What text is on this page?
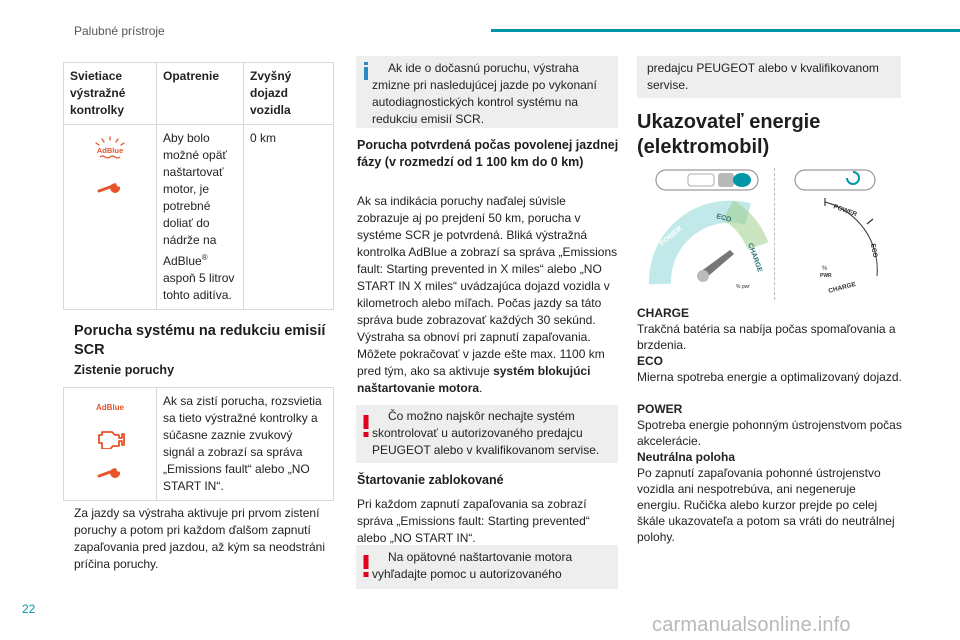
Palubné prístroje
Svietiace výstražné kontrolky	Opatrenie	Zvyšný dojazd vozidla

AdBlue	Aby bolo možné opäť naštartovať motor, je potrebné doliať do nádrže na AdBlue® aspoň 5 litrov tohto aditíva.	0 km
Porucha systému na redukciu emisií SCR
Zistenie poruchy
AdBlue	Ak sa zistí porucha, rozsvietia sa tieto výstražné kontrolky a súčasne zaznie zvukový signál a zobrazí sa správa „Emissions fault“ alebo „NO START IN“.
Za jazdy sa výstraha aktivuje pri prvom zistení poruchy a potom pri každom ďalšom zapnutí zapaľovania pred jazdou, až kým sa neodstráni príčina poruchy.
Ak ide o dočasnú poruchu, výstraha zmizne pri nasledujúcej jazde po vykonaní autodiagnostických kontrol systému na redukciu emisií SCR.
Porucha potvrdená počas povolenej jazdnej fázy (v rozmedzí od 1 100 km do 0 km)
Ak sa indikácia poruchy naďalej súvisle zobrazuje aj po prejdení 50 km, porucha v systéme SCR je potvrdená. Bliká výstražná kontrolka AdBlue a zobrazí sa správa „Emissions fault: Starting prevented in X miles“ alebo „NO START IN X miles“ uvádzajúca dojazd vozidla v kilometroch alebo míľach. Počas jazdy sa táto správa bude zobrazovať každých 30 sekúnd. Výstraha sa obnoví pri zapnutí zapaľovania. Môžete pokračovať v jazde ešte max. 1100 km pred tým, ako sa aktivuje systém blokujúci naštartovanie motora.
Čo možno najskôr nechajte systém skontrolovať u autorizovaného predajcu PEUGEOT alebo v kvalifikovanom servise.
Štartovanie zablokované
Pri každom zapnutí zapaľovania sa zobrazí správa „Emissions fault: Starting prevented“ alebo „NO START IN“.
Na opätovné naštartovanie motora vyhľadajte pomoc u autorizovaného
predajcu PEUGEOT alebo v kvalifikovanom servise.
Ukazovateľ energie (elektromobil)
POWER
ECO
CHARGE
% pwr
POWER
ECO
CHARGE
%
PWR
CHARGE
Trakčná batéria sa nabíja počas spomaľovania a brzdenia.
ECO
Mierna spotreba energie a optimalizovaný dojazd.
POWER
Spotreba energie pohonným ústrojenstvom počas akcelerácie.
Neutrálna poloha
Po zapnutí zapaľovania pohonné ústrojenstvo vozidla ani nespotrebúva, ani negeneruje energiu. Ručička alebo kurzor prejde po celej škále ukazovateľa a potom sa vráti do neutrálnej polohy.
22
carmanualsonline.info
